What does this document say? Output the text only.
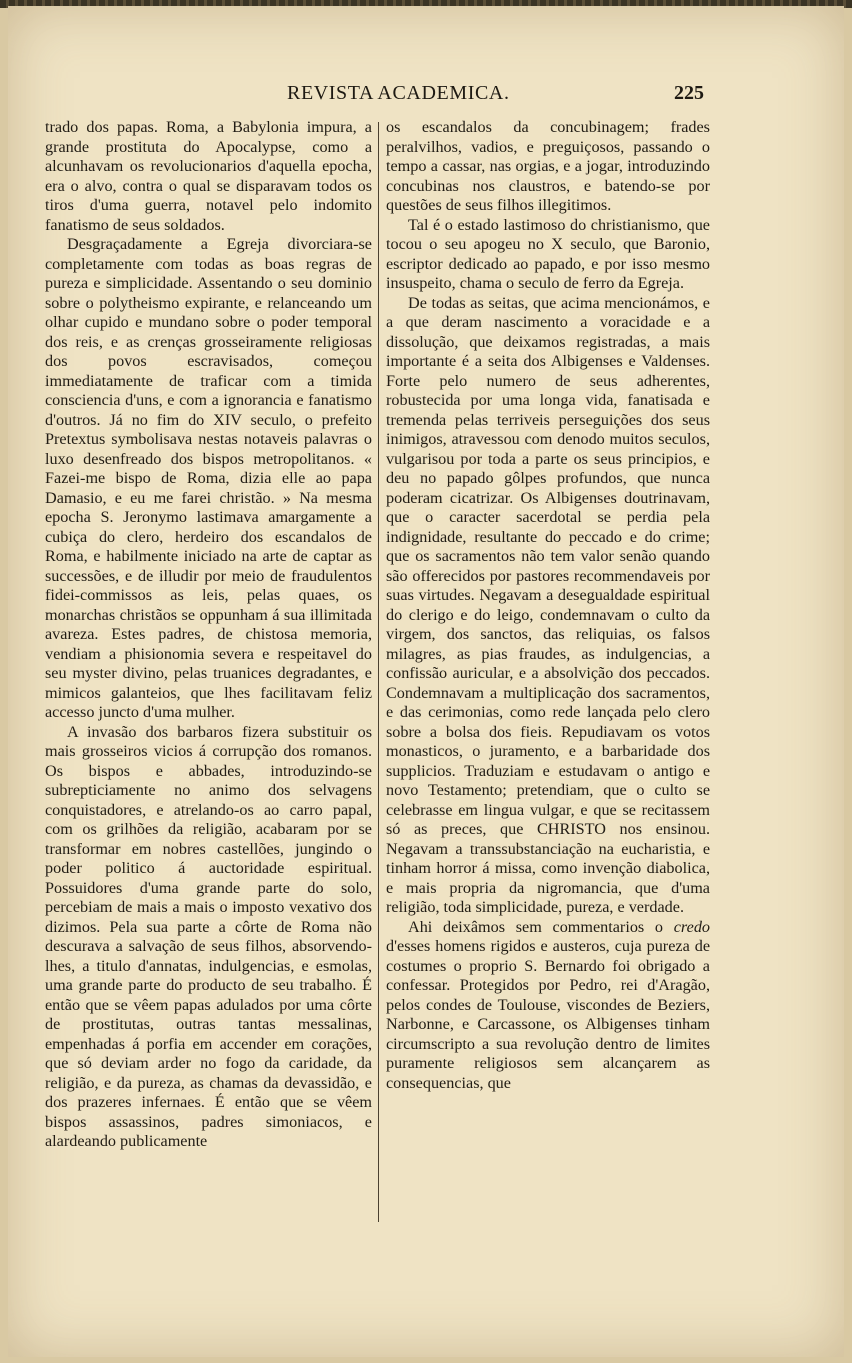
REVISTA ACADEMICA.	225

trado dos papas. Roma, a Babylonia impura, a grande prostituta do Apocalypse, como a alcunhavam os revolucionarios d'aquella epocha, era o alvo, contra o qual se disparavam todos os tiros d'uma guerra, notavel pelo indomito fanatismo de seus soldados.

Desgraçadamente a Egreja divorciara-se completamente com todas as boas regras de pureza e simplicidade. Assentando o seu dominio sobre o polytheismo expirante, e relanceando um olhar cupido e mundano sobre o poder temporal dos reis, e as crenças grosseiramente religiosas dos povos escravisados, começou immediatamente de traficar com a timida consciencia d'uns, e com a ignorancia e fanatismo d'outros. Já no fim do XIV seculo, o prefeito Pretextus symbolisava nestas notaveis palavras o luxo desenfreado dos bispos metropolitanos. « Fazei-me bispo de Roma, dizia elle ao papa Damasio, e eu me farei christão. » Na mesma epocha S. Jeronymo lastimava amargamente a cubiça do clero, herdeiro dos escandalos de Roma, e habilmente iniciado na arte de captar as successões, e de illudir por meio de fraudulentos fidei-commissos as leis, pelas quaes, os monarchas christãos se oppunham á sua illimitada avareza. Estes padres, de chistosa memoria, vendiam a phisionomia severa e respeitavel do seu myster divino, pelas truanices degradantes, e mimicos galanteios, que lhes facilitavam feliz accesso juncto d'uma mulher.

A invasão dos barbaros fizera substituir os mais grosseiros vicios á corrupção dos romanos. Os bispos e abbades, introduzindo-se subrepticiamente no animo dos selvagens conquistadores, e atrelando-os ao carro papal, com os grilhões da religião, acabaram por se transformar em nobres castellões, jungindo o poder politico á auctoridade espiritual. Possuidores d'uma grande parte do solo, percebiam de mais a mais o imposto vexativo dos dizimos. Pela sua parte a côrte de Roma não descurava a salvação de seus filhos, absorvendo-lhes, a titulo d'annatas, indulgencias, e esmolas, uma grande parte do producto de seu trabalho. É então que se vêem papas adulados por uma côrte de prostitutas, outras tantas messalinas, empenhadas á porfia em accender em corações, que só deviam arder no fogo da caridade, da religião, e da pureza, as chamas da devassidão, e dos prazeres infernaes. É então que se vêem bispos assassinos, padres simoniacos, e alardeando publicamente

os escandalos da concubinagem; frades peralvilhos, vadios, e preguiçosos, passando o tempo a cassar, nas orgias, e a jogar, introduzindo concubinas nos claustros, e batendo-se por questões de seus filhos illegitimos.

Tal é o estado lastimoso do christianismo, que tocou o seu apogeu no X seculo, que Baronio, escriptor dedicado ao papado, e por isso mesmo insuspeito, chama o seculo de ferro da Egreja.

De todas as seitas, que acima mencionámos, e a que deram nascimento a voracidade e a dissolução, que deixamos registradas, a mais importante é a seita dos Albigenses e Valdenses. Forte pelo numero de seus adherentes, robustecida por uma longa vida, fanatisada e tremenda pelas terriveis perseguições dos seus inimigos, atravessou com denodo muitos seculos, vulgarisou por toda a parte os seus principios, e deu no papado gôlpes profundos, que nunca poderam cicatrizar. Os Albigenses doutrinavam, que o caracter sacerdotal se perdia pela indignidade, resultante do peccado e do crime; que os sacramentos não tem valor senão quando são offerecidos por pastores recommendaveis por suas virtudes. Negavam a desegualdade espiritual do clerigo e do leigo, condemnavam o culto da virgem, dos sanctos, das reliquias, os falsos milagres, as pias fraudes, as indulgencias, a confissão auricular, e a absolvição dos peccados. Condemnavam a multiplicação dos sacramentos, e das cerimonias, como rede lançada pelo clero sobre a bolsa dos fieis. Repudiavam os votos monasticos, o juramento, e a barbaridade dos supplicios. Traduziam e estudavam o antigo e novo Testamento; pretendiam, que o culto se celebrasse em lingua vulgar, e que se recitassem só as preces, que CHRISTO nos ensinou. Negavam a transsubstanciação na eucharistia, e tinham horror á missa, como invenção diabolica, e mais propria da nigromancia, que d'uma religião, toda simplicidade, pureza, e verdade.

Ahi deixâmos sem commentarios o credo d'esses homens rigidos e austeros, cuja pureza de costumes o proprio S. Bernardo foi obrigado a confessar. Protegidos por Pedro, rei d'Aragão, pelos condes de Toulouse, viscondes de Beziers, Narbonne, e Carcassone, os Albigenses tinham circumscripto a sua revolução dentro de limites puramente religiosos sem alcançarem as consequencias, que
